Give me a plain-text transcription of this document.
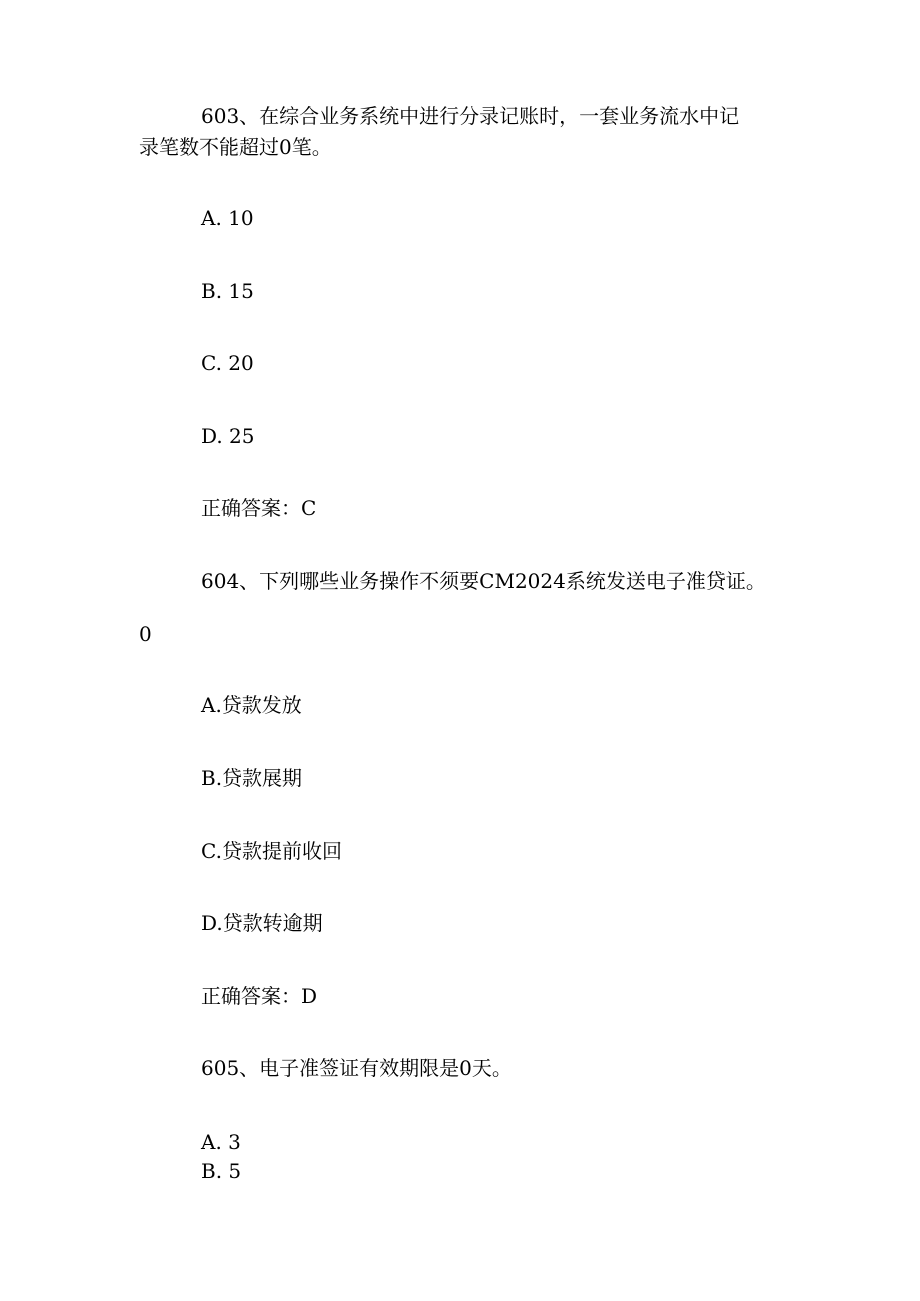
603、在综合业务系统中进行分录记账时，一套业务流水中记

录笔数不能超过0笔。

A. 10

B. 15

C. 20

D. 25

正确答案：C

604、下列哪些业务操作不须要CM2024系统发送电子准贷证。

0

A.贷款发放

B.贷款展期

C.贷款提前收回

D.贷款转逾期

正确答案：D

605、电子准签证有效期限是0天。

A. 3

B. 5
